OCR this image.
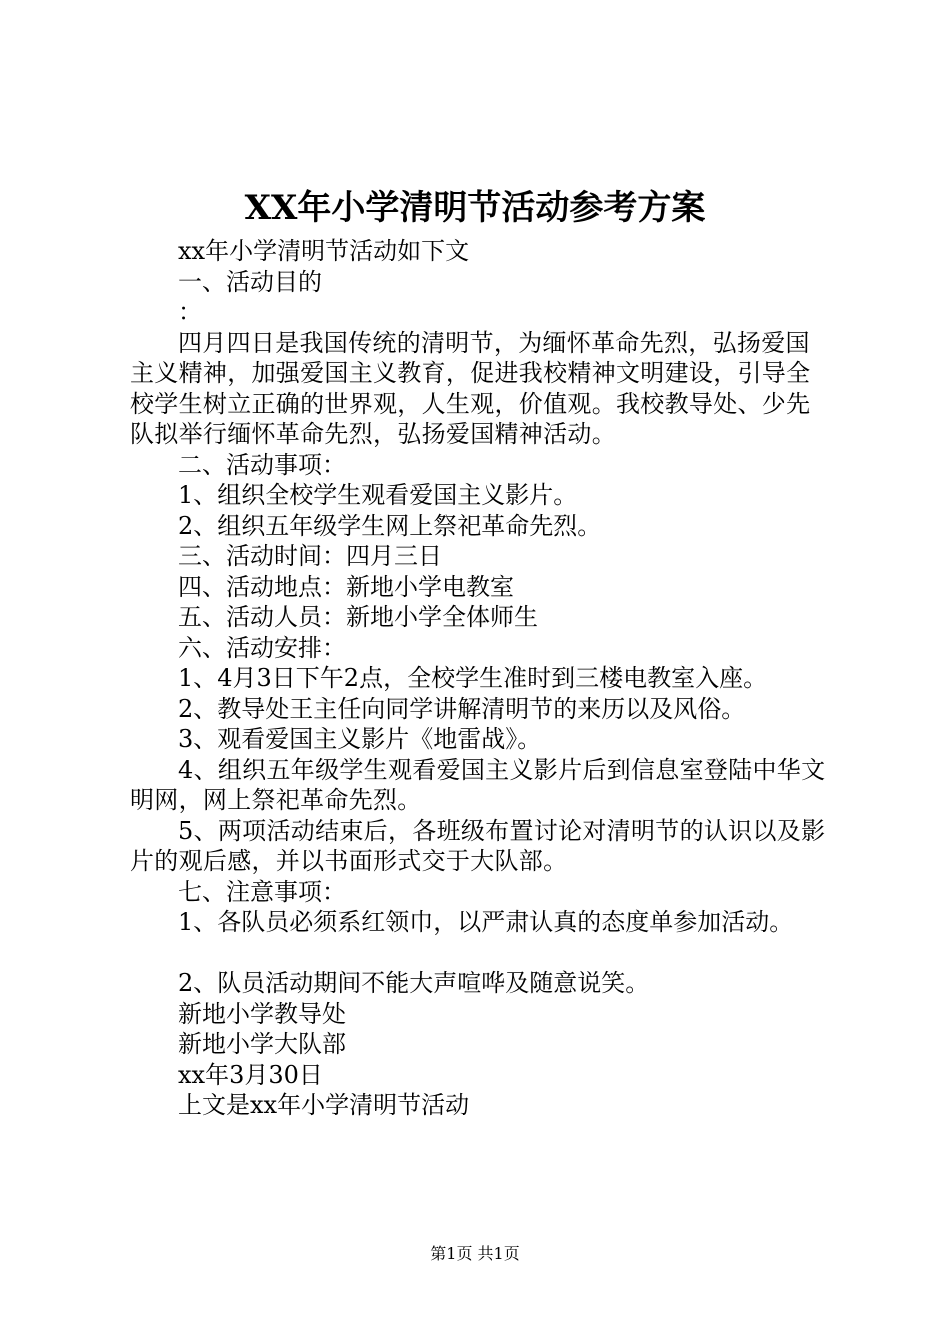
XX年小学清明节活动参考方案
xx年小学清明节活动如下文
一、活动目的
：
四月四日是我国传统的清明节，为缅怀革命先烈，弘扬爱国主义精神，加强爱国主义教育，促进我校精神文明建设，引导全校学生树立正确的世界观，人生观，价值观。我校教导处、少先队拟举行缅怀革命先烈，弘扬爱国精神活动。
二、活动事项：
1、组织全校学生观看爱国主义影片。
2、组织五年级学生网上祭祀革命先烈。
三、活动时间：四月三日
四、活动地点：新地小学电教室
五、活动人员：新地小学全体师生
六、活动安排：
1、4月3日下午2点，全校学生准时到三楼电教室入座。
2、教导处王主任向同学讲解清明节的来历以及风俗。
3、观看爱国主义影片《地雷战》。
4、组织五年级学生观看爱国主义影片后到信息室登陆中华文明网，网上祭祀革命先烈。
5、两项活动结束后，各班级布置讨论对清明节的认识以及影片的观后感，并以书面形式交于大队部。
七、注意事项：
1、各队员必须系红领巾，以严肃认真的态度单参加活动。
2、队员活动期间不能大声喧哗及随意说笑。
新地小学教导处
新地小学大队部
xx年3月30日
上文是xx年小学清明节活动
第1页 共1页
